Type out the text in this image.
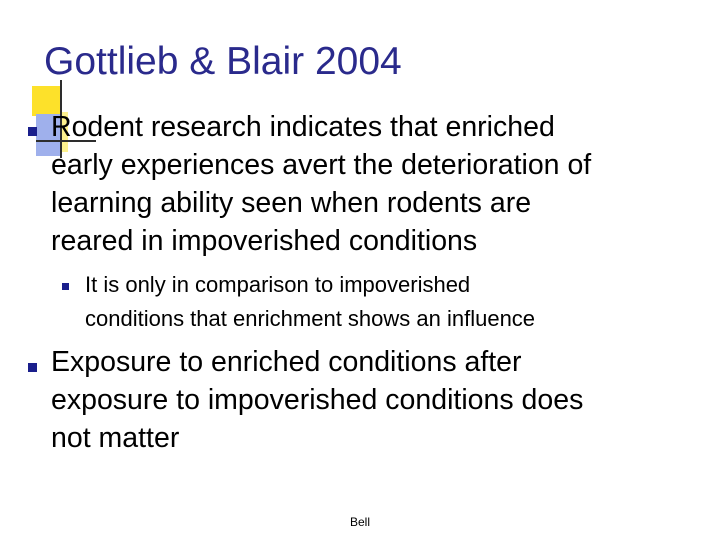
Gottlieb & Blair 2004
Rodent research indicates that enriched
early experiences avert the deterioration of
learning ability seen when rodents are
reared in impoverished conditions
It is only in comparison to impoverished
conditions that enrichment shows an influence
Exposure to enriched conditions after
exposure to impoverished conditions does
not matter
Bell
